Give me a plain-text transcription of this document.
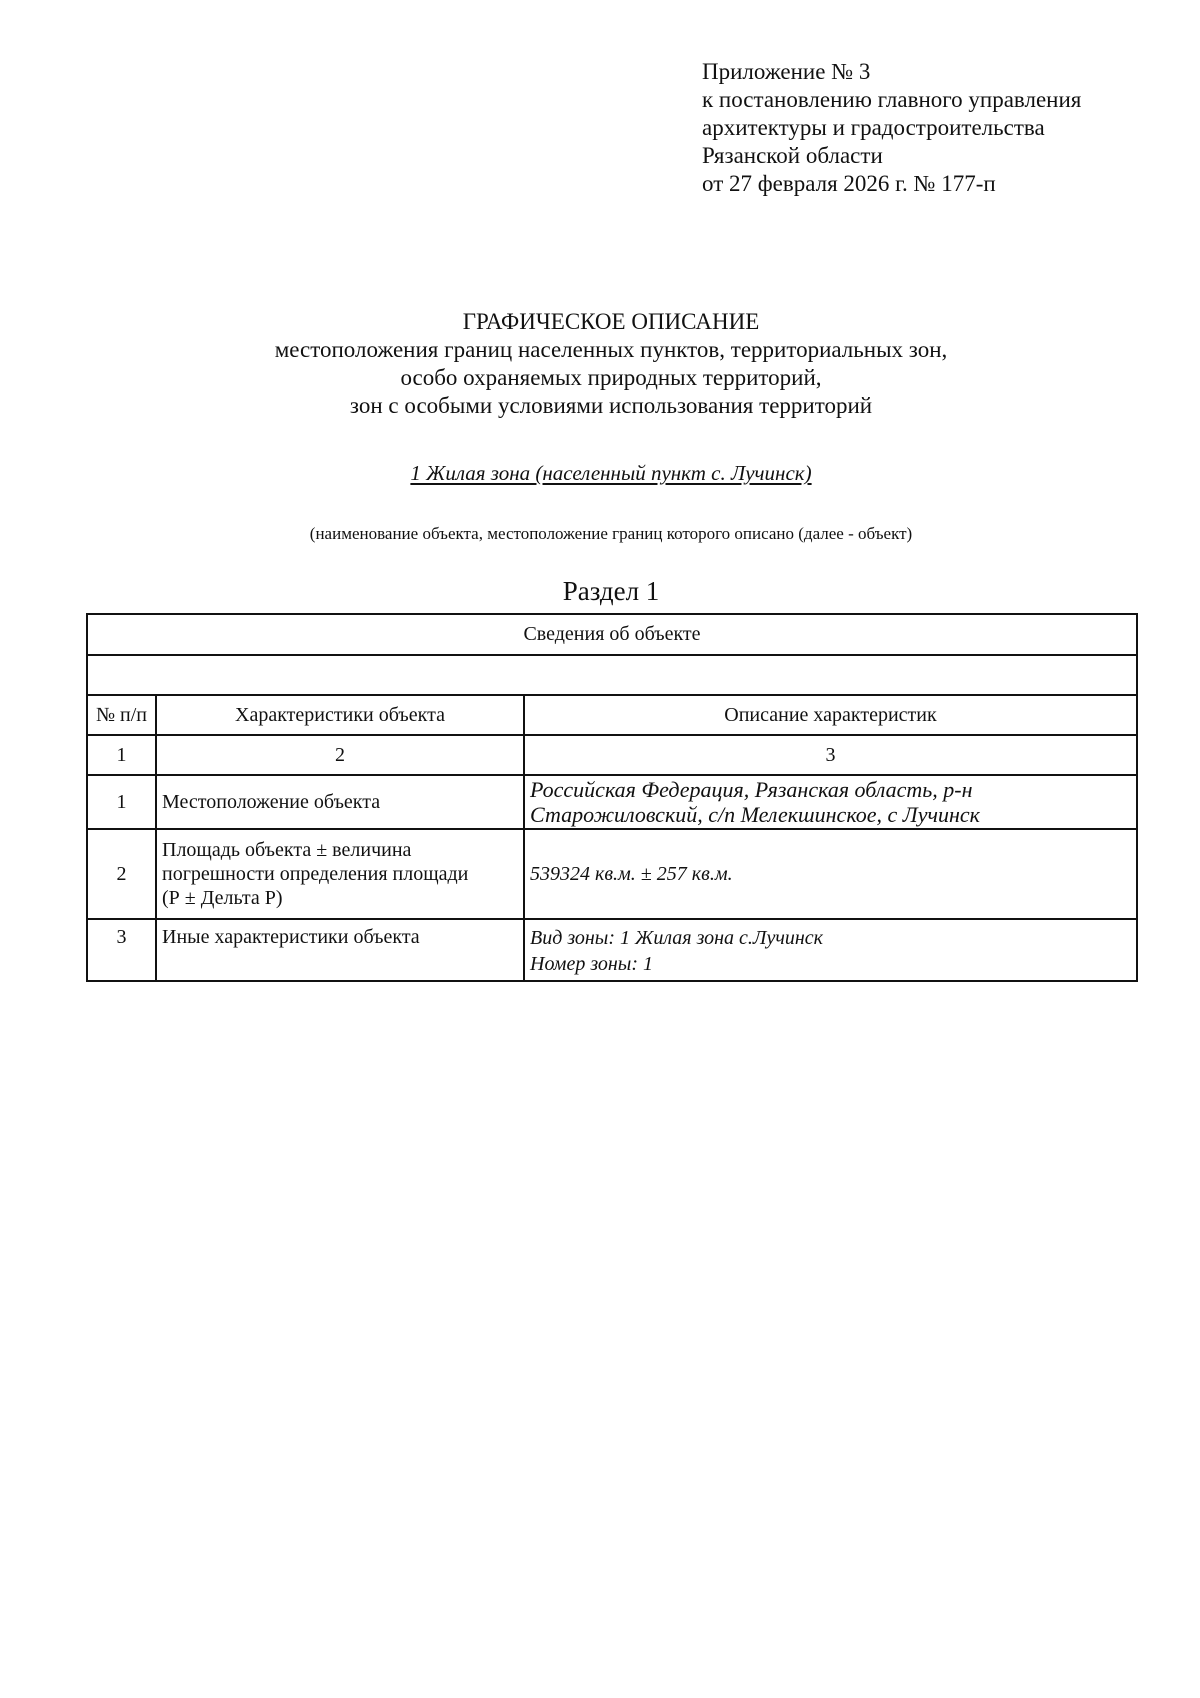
Приложение № 3
к постановлению главного управления
архитектуры и градостроительства
Рязанской области
от 27 февраля 2026 г. № 177-п
ГРАФИЧЕСКОЕ ОПИСАНИЕ
местоположения границ населенных пунктов, территориальных зон,
особо охраняемых природных территорий,
зон с особыми условиями использования территорий
1 Жилая зона (населенный пункт с. Лучинск)
(наименование объекта, местоположение границ которого описано (далее - объект)
Раздел 1
Сведения об объекте		

№ п/п	Характеристики объекта	Описание характеристик
1	2	3
1	Местоположение объекта	Российская Федерация, Рязанская область, р-н
Старожиловский, с/п Мелекшинское, с Лучинск

2	Площадь объекта ± величина
погрешности определения площади
(Р ± Дельта Р)	539324 кв.м. ± 257 кв.м.
3	Иные характеристики объекта	Вид зоны: 1 Жилая зона с.Лучинск
Номер зоны: 1
